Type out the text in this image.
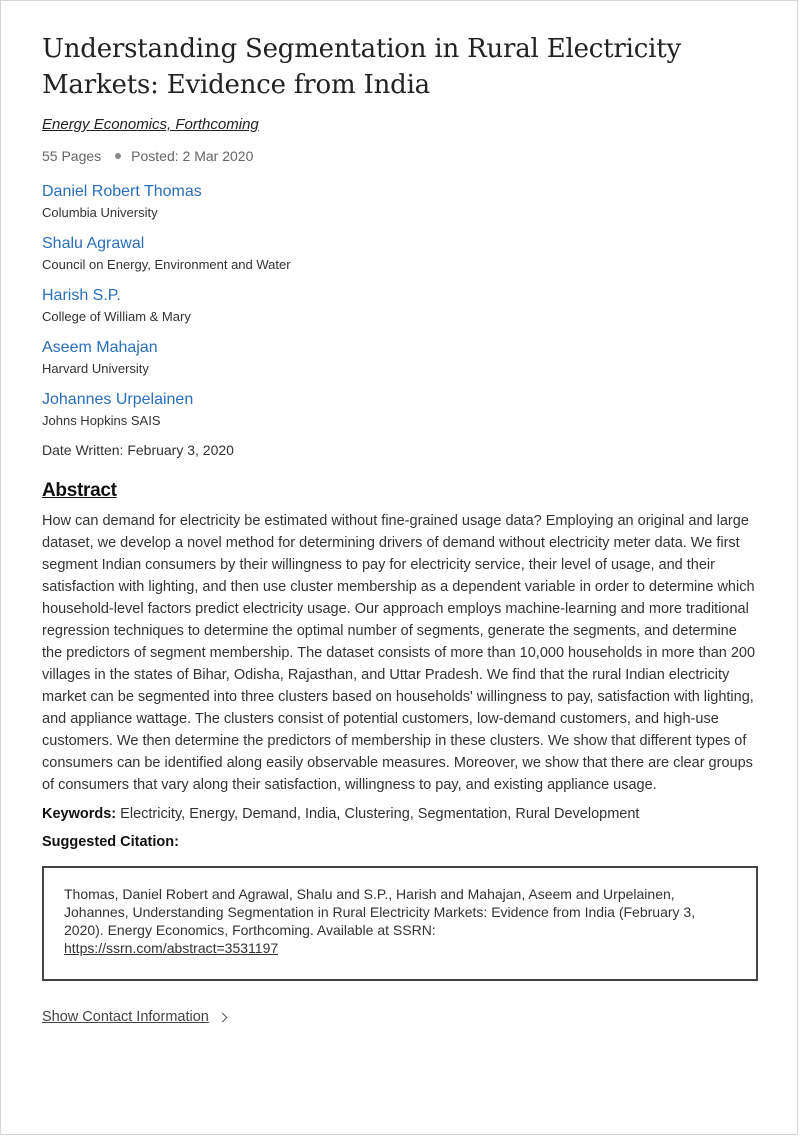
Understanding Segmentation in Rural Electricity Markets: Evidence from India
Energy Economics, Forthcoming
55 Pages Posted: 2 Mar 2020
Daniel Robert Thomas
Columbia University
Shalu Agrawal
Council on Energy, Environment and Water
Harish S.P.
College of William & Mary
Aseem Mahajan
Harvard University
Johannes Urpelainen
Johns Hopkins SAIS
Date Written: February 3, 2020
Abstract
How can demand for electricity be estimated without fine-grained usage data? Employing an original and large dataset, we develop a novel method for determining drivers of demand without electricity meter data. We first segment Indian consumers by their willingness to pay for electricity service, their level of usage, and their satisfaction with lighting, and then use cluster membership as a dependent variable in order to determine which household-level factors predict electricity usage. Our approach employs machine-learning and more traditional regression techniques to determine the optimal number of segments, generate the segments, and determine the predictors of segment membership. The dataset consists of more than 10,000 households in more than 200 villages in the states of Bihar, Odisha, Rajasthan, and Uttar Pradesh. We find that the rural Indian electricity market can be segmented into three clusters based on households' willingness to pay, satisfaction with lighting, and appliance wattage. The clusters consist of potential customers, low-demand customers, and high-use customers. We then determine the predictors of membership in these clusters. We show that different types of consumers can be identified along easily observable measures. Moreover, we show that there are clear groups of consumers that vary along their satisfaction, willingness to pay, and existing appliance usage.
Keywords: Electricity, Energy, Demand, India, Clustering, Segmentation, Rural Development
Suggested Citation:
Thomas, Daniel Robert and Agrawal, Shalu and S.P., Harish and Mahajan, Aseem and Urpelainen, Johannes, Understanding Segmentation in Rural Electricity Markets: Evidence from India (February 3, 2020). Energy Economics, Forthcoming. Available at SSRN:
https://ssrn.com/abstract=3531197
Show Contact Information
